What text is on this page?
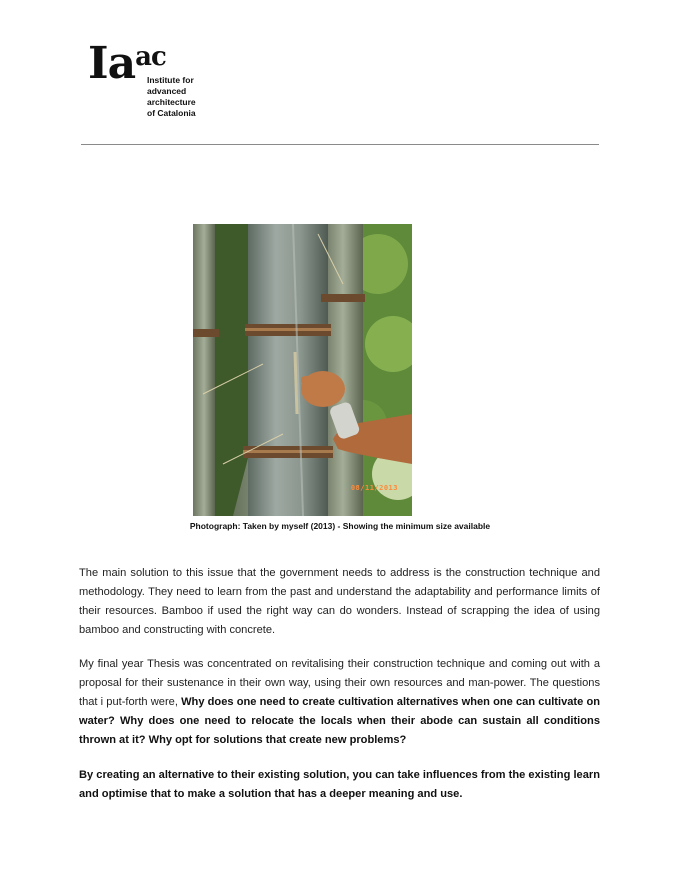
Iaac
Institute for
advanced
architecture
of Catalonia
08/11/2013
Photograph: Taken by myself (2013) - Showing the minimum size available

The main solution to this issue that the government needs to address is the construction technique and methodology. They need to learn from the past and understand the adaptability and performance limits of their resources. Bamboo if used the right way can do wonders. Instead of scrapping the idea of using bamboo and constructing with concrete.

My final year Thesis was concentrated on revitalising their construction technique and coming out with a proposal for their sustenance in their own way, using their own resources and man-power. The questions that i put-forth were, Why does one need to create cultivation alternatives when one can cultivate on water? Why does one need to relocate the locals when their abode can sustain all conditions thrown at it? Why opt for solutions that create new problems?

By creating an alternative to their existing solution, you can take influences from the existing learn and optimise that to make a solution that has a deeper meaning and use.
